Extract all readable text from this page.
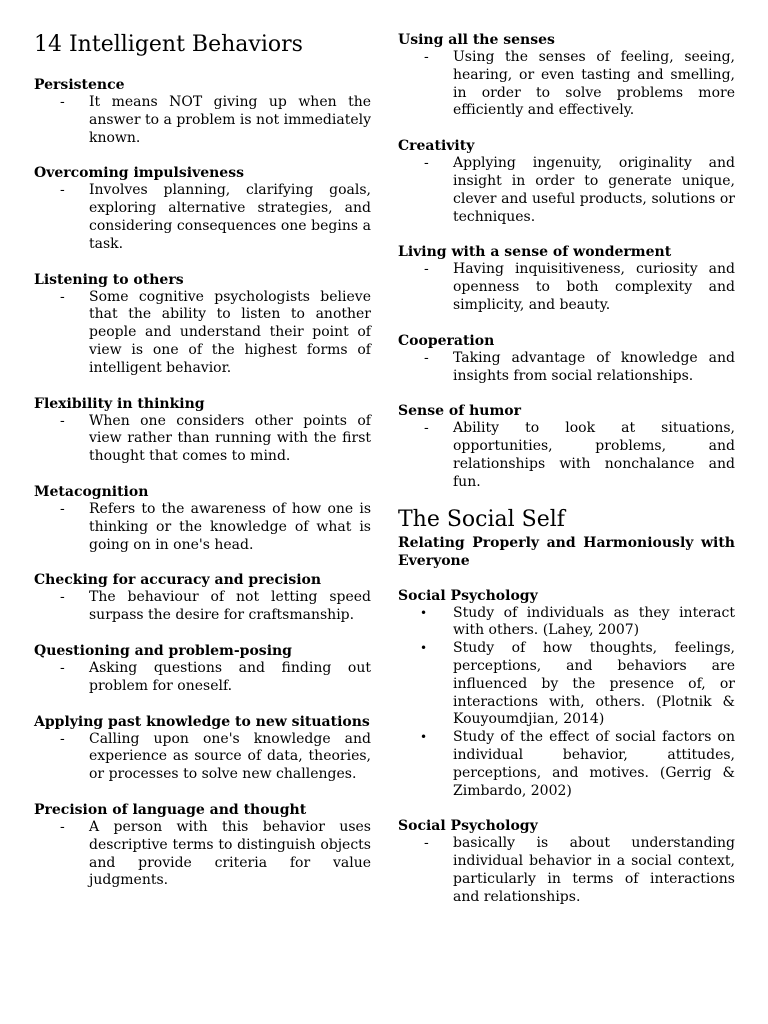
14 Intelligent Behaviors
Persistence
- It means NOT giving up when the answer to a problem is not immediately known.
Overcoming impulsiveness
- Involves planning, clarifying goals, exploring alternative strategies, and considering consequences one begins a task.
Listening to others
- Some cognitive psychologists believe that the ability to listen to another people and understand their point of view is one of the highest forms of intelligent behavior.
Flexibility in thinking
- When one considers other points of view rather than running with the first thought that comes to mind.
Metacognition
- Refers to the awareness of how one is thinking or the knowledge of what is going on in one's head.
Checking for accuracy and precision
- The behaviour of not letting speed surpass the desire for craftsmanship.
Questioning and problem-posing
- Asking questions and finding out problem for oneself.
Applying past knowledge to new situations
- Calling upon one's knowledge and experience as source of data, theories, or processes to solve new challenges.
Precision of language and thought
- A person with this behavior uses descriptive terms to distinguish objects and provide criteria for value judgments.
Using all the senses
- Using the senses of feeling, seeing, hearing, or even tasting and smelling, in order to solve problems more efficiently and effectively.
Creativity
- Applying ingenuity, originality and insight in order to generate unique, clever and useful products, solutions or techniques.
Living with a sense of wonderment
- Having inquisitiveness, curiosity and openness to both complexity and simplicity, and beauty.
Cooperation
- Taking advantage of knowledge and insights from social relationships.
Sense of humor
- Ability to look at situations, opportunities, problems, and relationships with nonchalance and fun.
The Social Self
Relating Properly and Harmoniously with Everyone
Social Psychology
• Study of individuals as they interact with others. (Lahey, 2007)
• Study of how thoughts, feelings, perceptions, and behaviors are influenced by the presence of, or interactions with, others. (Plotnik & Kouyoumdjian, 2014)
• Study of the effect of social factors on individual behavior, attitudes, perceptions, and motives. (Gerrig & Zimbardo, 2002)
Social Psychology
- basically is about understanding individual behavior in a social context, particularly in terms of interactions and relationships.
